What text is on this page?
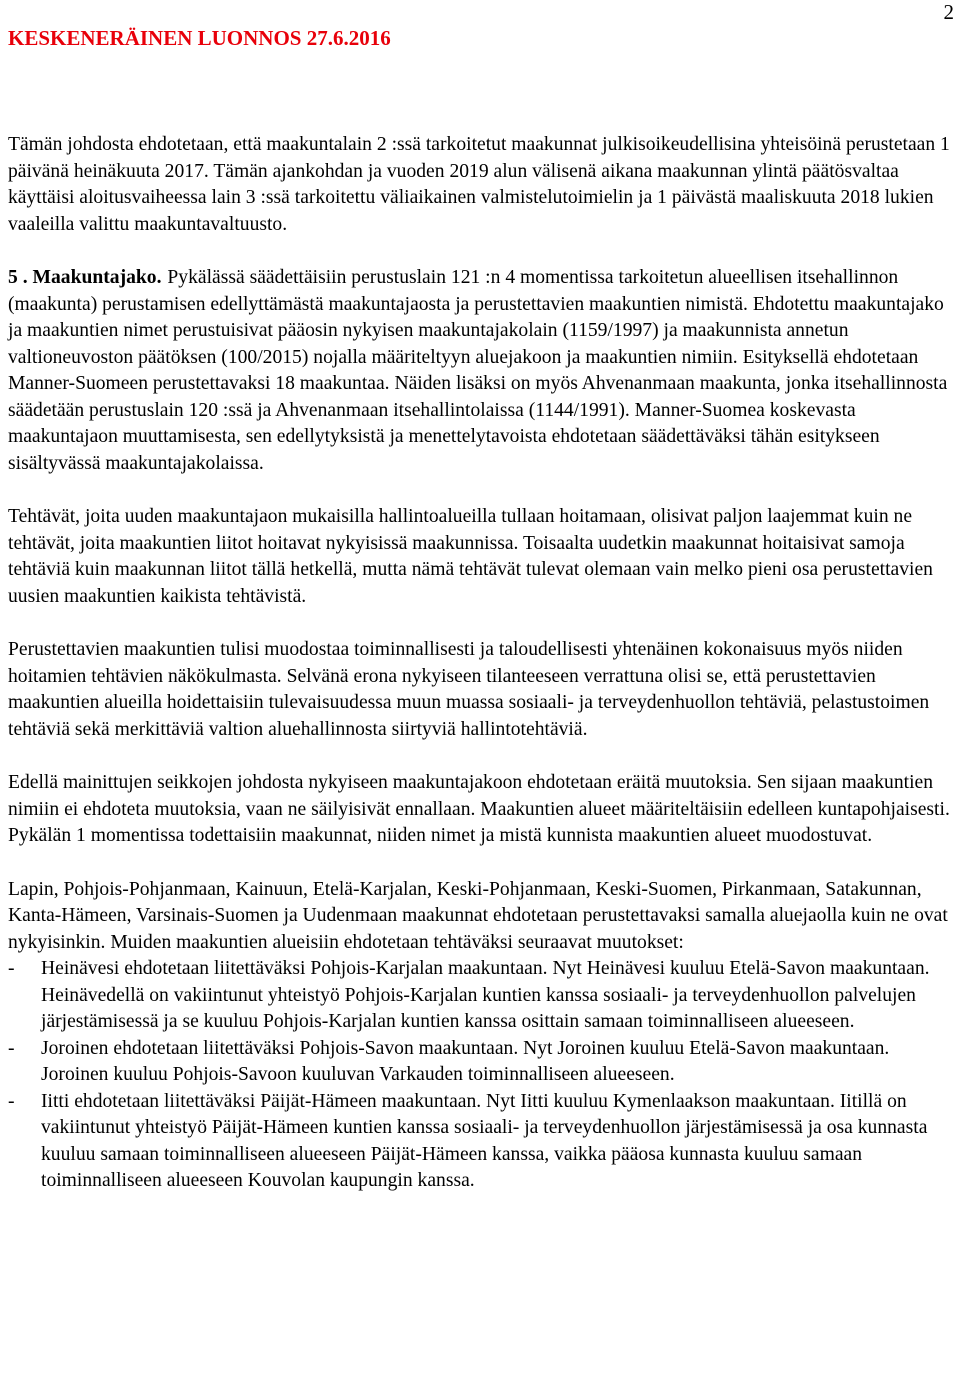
KESKENERÄINEN LUONNOS 27.6.2016
2

Tämän johdosta ehdotetaan, että maakuntalain 2 :ssä tarkoitetut maakunnat julkisoikeudellisina yhteisöinä perustetaan 1 päivänä heinäkuuta 2017. Tämän ajankohdan ja vuoden 2019 alun välisenä aikana maakunnan ylintä päätösvaltaa käyttäisi aloitusvaiheessa lain 3 :ssä tarkoitettu väliaikainen valmistelutoimielin ja 1 päivästä maaliskuuta 2018 lukien vaaleilla valittu maakuntavaltuusto.

5 . Maakuntajako. Pykälässä säädettäisiin perustuslain 121 :n 4 momentissa tarkoitetun alueellisen itsehallinnon (maakunta) perustamisen edellyttämästä maakuntajaosta ja perustettavien maakuntien nimistä. Ehdotettu maakuntajako ja maakuntien nimet perustuisivat pääosin nykyisen maakuntajakolain (1159/1997) ja maakunnista annetun valtioneuvoston päätöksen (100/2015) nojalla määriteltyyn aluejakoon ja maakuntien nimiin. Esityksellä ehdotetaan Manner-Suomeen perustettavaksi 18 maakuntaa. Näiden lisäksi on myös Ahvenanmaan maakunta, jonka itsehallinnosta säädetään perustuslain 120 :ssä ja Ahvenanmaan itsehallintolaissa (1144/1991). Manner-Suomea koskevasta maakuntajaon muuttamisesta, sen edellytyksistä ja menettelytavoista ehdotetaan säädettäväksi tähän esitykseen sisältyvässä maakuntajakolaissa.

Tehtävät, joita uuden maakuntajaon mukaisilla hallintoalueilla tullaan hoitamaan, olisivat paljon laajemmat kuin ne tehtävät, joita maakuntien liitot hoitavat nykyisissä maakunnissa. Toisaalta uudetkin maakunnat hoitaisivat samoja tehtäviä kuin maakunnan liitot tällä hetkellä, mutta nämä tehtävät tulevat olemaan vain melko pieni osa perustettavien uusien maakuntien kaikista tehtävistä.

Perustettavien maakuntien tulisi muodostaa toiminnallisesti ja taloudellisesti yhtenäinen kokonaisuus myös niiden hoitamien tehtävien näkökulmasta. Selvänä erona nykyiseen tilanteeseen verrattuna olisi se, että perustettavien maakuntien alueilla hoidettaisiin tulevaisuudessa muun muassa sosiaali- ja terveydenhuollon tehtäviä, pelastustoimen tehtäviä sekä merkittäviä valtion aluehallinnosta siirtyviä hallintotehtäviä.

Edellä mainittujen seikkojen johdosta nykyiseen maakuntajakoon ehdotetaan eräitä muutoksia. Sen sijaan maakuntien nimiin ei ehdoteta muutoksia, vaan ne säilyisivät ennallaan. Maakuntien alueet määriteltäisiin edelleen kuntapohjaisesti. Pykälän 1 momentissa todettaisiin maakunnat, niiden nimet ja mistä kunnista maakuntien alueet muodostuvat.

Lapin, Pohjois-Pohjanmaan, Kainuun, Etelä-Karjalan, Keski-Pohjanmaan, Keski-Suomen, Pirkanmaan, Satakunnan, Kanta-Hämeen, Varsinais-Suomen ja Uudenmaan maakunnat ehdotetaan perustettavaksi samalla aluejaolla kuin ne ovat nykyisinkin. Muiden maakuntien alueisiin ehdotetaan tehtäväksi seuraavat muutokset:

- Heinävesi ehdotetaan liitettäväksi Pohjois-Karjalan maakuntaan. Nyt Heinävesi kuuluu Etelä-Savon maakuntaan. Heinävedellä on vakiintunut yhteistyö Pohjois-Karjalan kuntien kanssa sosiaali- ja terveydenhuollon palvelujen järjestämisessä ja se kuuluu Pohjois-Karjalan kuntien kanssa osittain samaan toiminnalliseen alueeseen.
- Joroinen ehdotetaan liitettäväksi Pohjois-Savon maakuntaan. Nyt Joroinen kuuluu Etelä-Savon maakuntaan. Joroinen kuuluu Pohjois-Savoon kuuluvan Varkauden toiminnalliseen alueeseen.
- Iitti ehdotetaan liitettäväksi Päijät-Hämeen maakuntaan. Nyt Iitti kuuluu Kymenlaakson maakuntaan. Iitillä on vakiintunut yhteistyö Päijät-Hämeen kuntien kanssa sosiaali- ja terveydenhuollon järjestämisessä ja osa kunnasta kuuluu samaan toiminnalliseen alueeseen Päijät-Hämeen kanssa, vaikka pääosa kunnasta kuuluu samaan toiminnalliseen alueeseen Kouvolan kaupungin kanssa.
